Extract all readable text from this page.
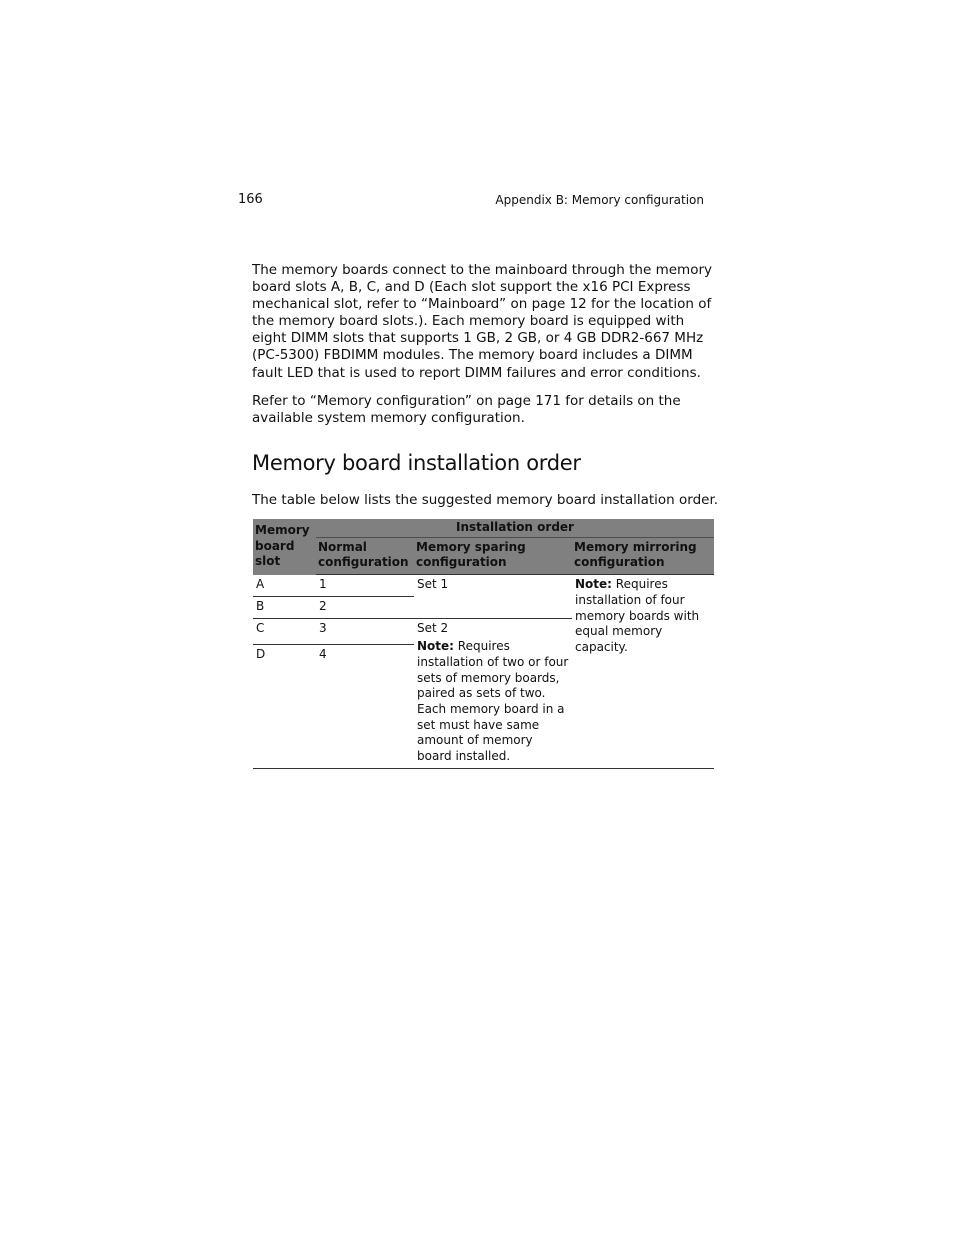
166	Appendix B: Memory configuration

The memory boards connect to the mainboard through the memory board slots A, B, C, and D (Each slot support the x16 PCI Express mechanical slot, refer to “Mainboard” on page 12 for the location of the memory board slots.). Each memory board is equipped with eight DIMM slots that supports 1 GB, 2 GB, or 4 GB DDR2-667 MHz (PC-5300) FBDIMM modules. The memory board includes a DIMM fault LED that is used to report DIMM failures and error conditions.

Refer to “Memory configuration” on page 171 for details on the available system memory configuration.

Memory board installation order

The table below lists the suggested memory board installation order.

Memory board slot	Installation order		
	Normal configuration	Memory sparing configuration	Memory mirroring configuration
A	1	Set 1	Note: Requires installation of four memory boards with equal memory capacity.
B	2		
C	3	Set 2
Note: Requires installation of two or four sets of memory boards, paired as sets of two. Each memory board in a set must have same amount of memory board installed.	

D	4		
